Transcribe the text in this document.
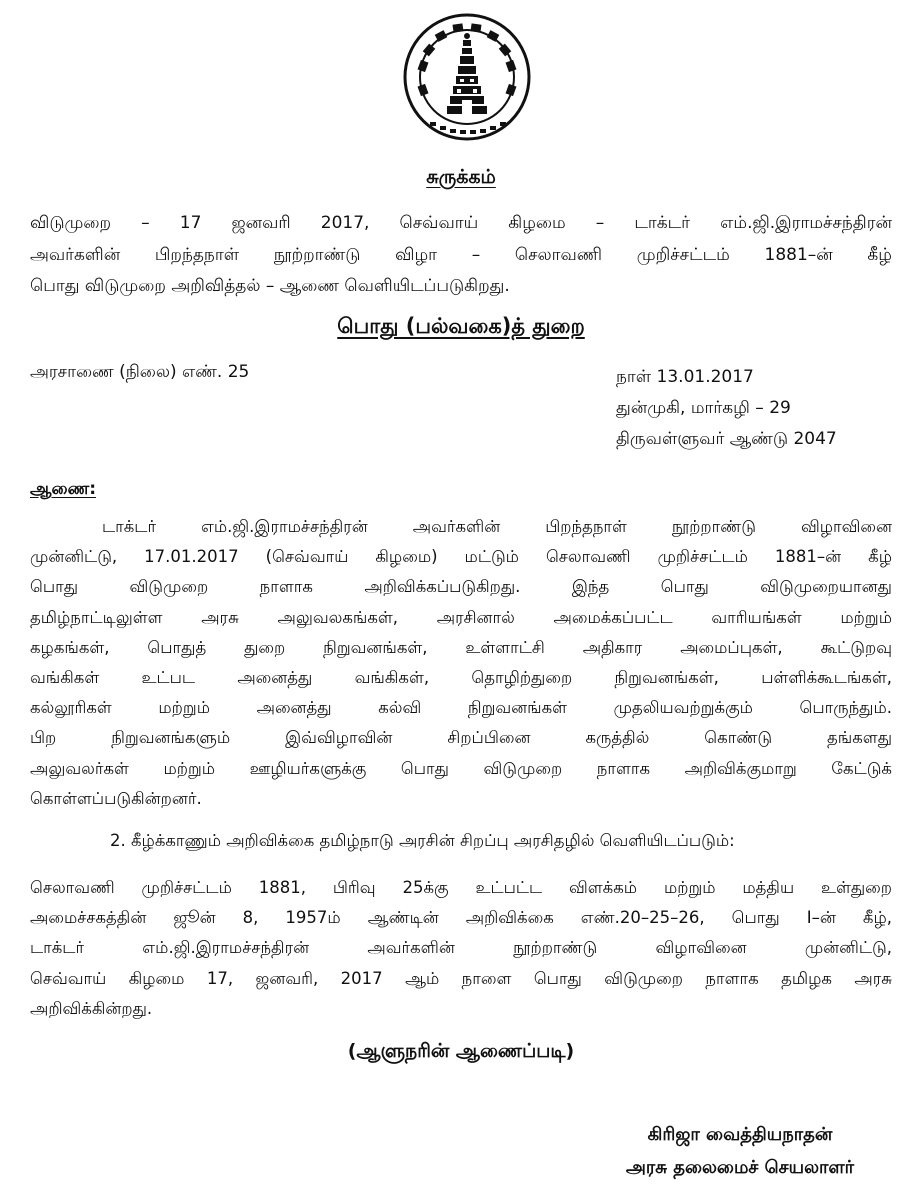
சுருக்கம்
விடுமுறை – 17 ஜனவரி 2017, செவ்வாய் கிழமை – டாக்டர் எம்.ஜி.இராமச்சந்திரன்
அவர்களின் பிறந்தநாள் நூற்றாண்டு விழா – செலாவணி முறிச்சட்டம் 1881–ன் கீழ்
பொது விடுமுறை அறிவித்தல் – ஆணை வெளியிடப்படுகிறது.
பொது (பல்வகை)த் துறை
அரசாணை (நிலை) எண். 25	நாள் 13.01.2017
துன்முகி, மார்கழி – 29
திருவள்ளுவர் ஆண்டு 2047
ஆணை:
டாக்டர் எம்.ஜி.இராமச்சந்திரன் அவர்களின் பிறந்தநாள் நூற்றாண்டு விழாவினை
முன்னிட்டு, 17.01.2017 (செவ்வாய் கிழமை) மட்டும் செலாவணி முறிச்சட்டம் 1881–ன் கீழ்
பொது விடுமுறை நாளாக அறிவிக்கப்படுகிறது. இந்த பொது விடுமுறையானது
தமிழ்நாட்டிலுள்ள அரசு அலுவலகங்கள், அரசினால் அமைக்கப்பட்ட வாரியங்கள் மற்றும்
கழகங்கள், பொதுத் துறை நிறுவனங்கள், உள்ளாட்சி அதிகார அமைப்புகள், கூட்டுறவு
வங்கிகள் உட்பட அனைத்து வங்கிகள், தொழிற்துறை நிறுவனங்கள், பள்ளிக்கூடங்கள்,
கல்லூரிகள் மற்றும் அனைத்து கல்வி நிறுவனங்கள் முதலியவற்றுக்கும் பொருந்தும்.
பிற நிறுவனங்களும் இவ்விழாவின் சிறப்பினை கருத்தில் கொண்டு தங்களது
அலுவலர்கள் மற்றும் ஊழியர்களுக்கு பொது விடுமுறை நாளாக அறிவிக்குமாறு கேட்டுக்
கொள்ளப்படுகின்றனர்.
2. கீழ்க்காணும் அறிவிக்கை தமிழ்நாடு அரசின் சிறப்பு அரசிதழில் வெளியிடப்படும்:
செலாவணி முறிச்சட்டம் 1881, பிரிவு 25க்கு உட்பட்ட விளக்கம் மற்றும் மத்திய உள்துறை
அமைச்சகத்தின் ஜூன் 8, 1957ம் ஆண்டின் அறிவிக்கை எண்.20–25–26, பொது I–ன் கீழ்,
டாக்டர் எம்.ஜி.இராமச்சந்திரன் அவர்களின் நூற்றாண்டு விழாவினை முன்னிட்டு,
செவ்வாய் கிழமை 17, ஜனவரி, 2017 ஆம் நாளை பொது விடுமுறை நாளாக தமிழக அரசு
அறிவிக்கின்றது.
(ஆளுநரின் ஆணைப்படி)
கிரிஜா வைத்தியநாதன்
அரசு தலைமைச் செயலாளர்
